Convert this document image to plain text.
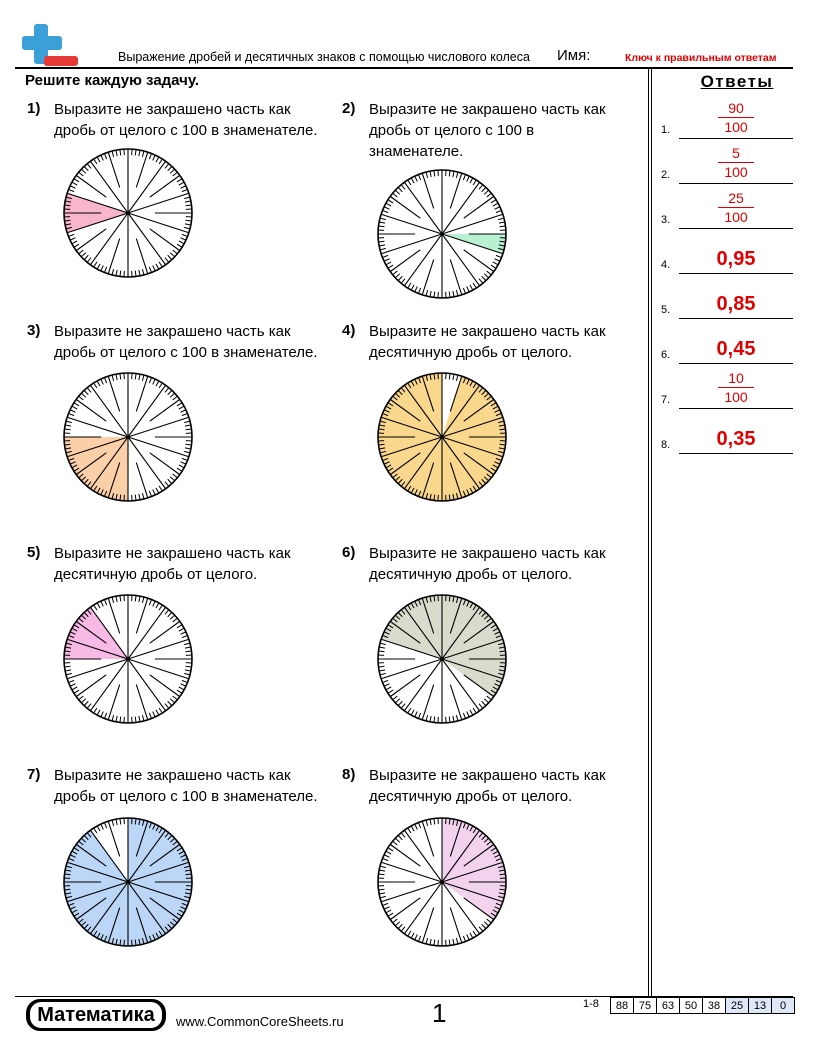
Выражение дробей и десятичных знаков с помощью числового колеса Имя:	Ключ к правильным ответам
Решите каждую задачу.	Ответы
1) Выразите не закрашено часть как
дробь от целого с 100 в знаменателе.
2) Выразите не закрашено часть как
дробь от целого с 100 в
знаменателе.
3) Выразите не закрашено часть как
дробь от целого с 100 в знаменателе.
4) Выразите не закрашено часть как
десятичную дробь от целого.
5) Выразите не закрашено часть как
десятичную дробь от целого.
6) Выразите не закрашено часть как
десятичную дробь от целого.
7) Выразите не закрашено часть как
дробь от целого с 100 в знаменателе.
8) Выразите не закрашено часть как
десятичную дробь от целого.
1.
90
100
2.
5
100
3.
25
100
4.	0,95
5.	0,85
6.	0,45
7.
10
100
8.	0,35
Математика	www.CommonCoreSheets.ru	1	1-8 88	75	63	50	38	25	13	0
